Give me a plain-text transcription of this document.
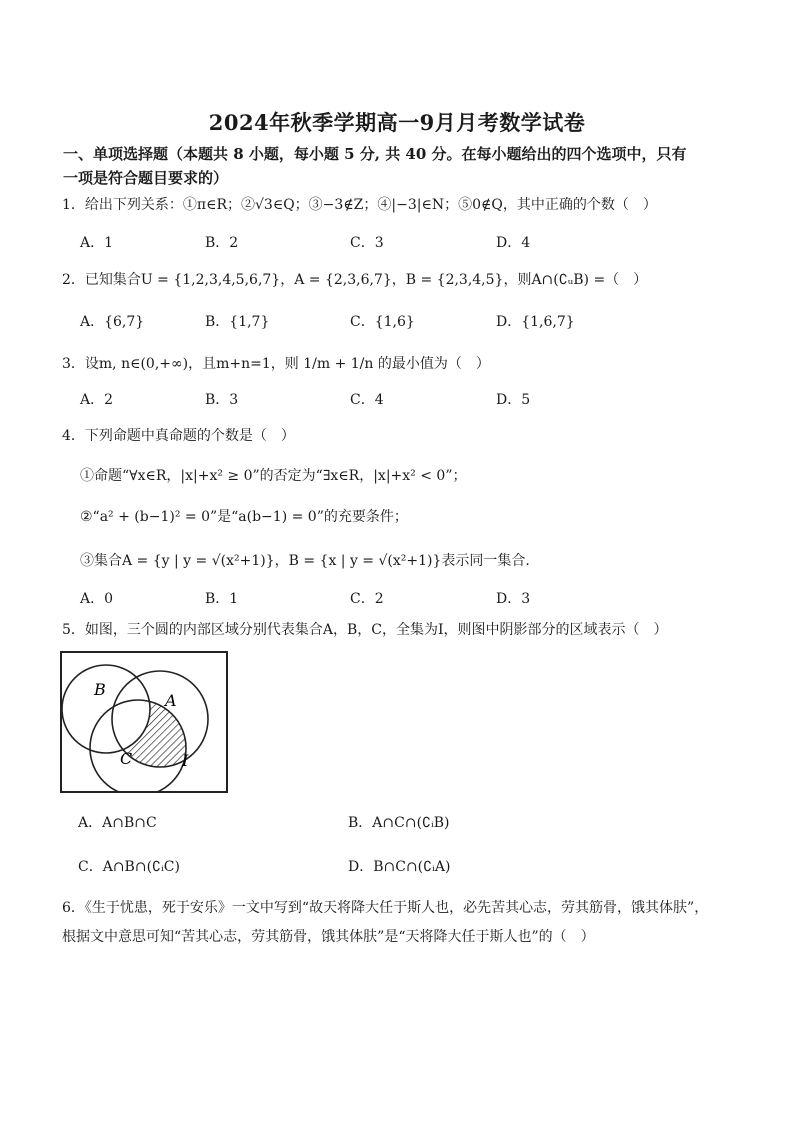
2024年秋季学期高一9月月考数学试卷
一、单项选择题（本题共 8 小题，每小题 5 分, 共 40 分。在每小题给出的四个选项中，只有
一项是符合题目要求的）
1．给出下列关系：①π∈R；②√3∈Q；③−3∉Z；④|−3|∈N；⑤0∉Q，其中正确的个数（　）
A．1	B．2	C．3	D．4
2．已知集合U = {1,2,3,4,5,6,7}，A = {2,3,6,7}，B = {2,3,4,5}，则A∩(∁ᵤB) =（　）
A．{6,7}	B．{1,7}	C．{1,6}	D．{1,6,7}
3．设m, n∈(0,+∞)，且m+n=1，则 1/m + 1/n 的最小值为（　）
A．2	B．3	C．4	D．5
4．下列命题中真命题的个数是（　）
①命题“∀x∈R，|x|+x² ≥ 0”的否定为“∃x∈R，|x|+x² < 0”；
②“a² + (b−1)² = 0”是“a(b−1) = 0”的充要条件；
③集合A = {y | y = √(x²+1)}，B = {x | y = √(x²+1)}表示同一集合.
A．0	B．1	C．2	D．3
5．如图，三个圆的内部区域分别代表集合A，B，C，全集为I，则图中阴影部分的区域表示（　）
B
A
C	I
A．A∩B∩C	B．A∩C∩(∁ᵢB)
C．A∩B∩(∁ᵢC)	D．B∩C∩(∁ᵢA)
6．《生于忧患，死于安乐》一文中写到“故天将降大任于斯人也，必先苦其心志，劳其筋骨，饿其体肤”，
根据文中意思可知“苦其心志，劳其筋骨，饿其体肤”是“天将降大任于斯人也”的（　）
